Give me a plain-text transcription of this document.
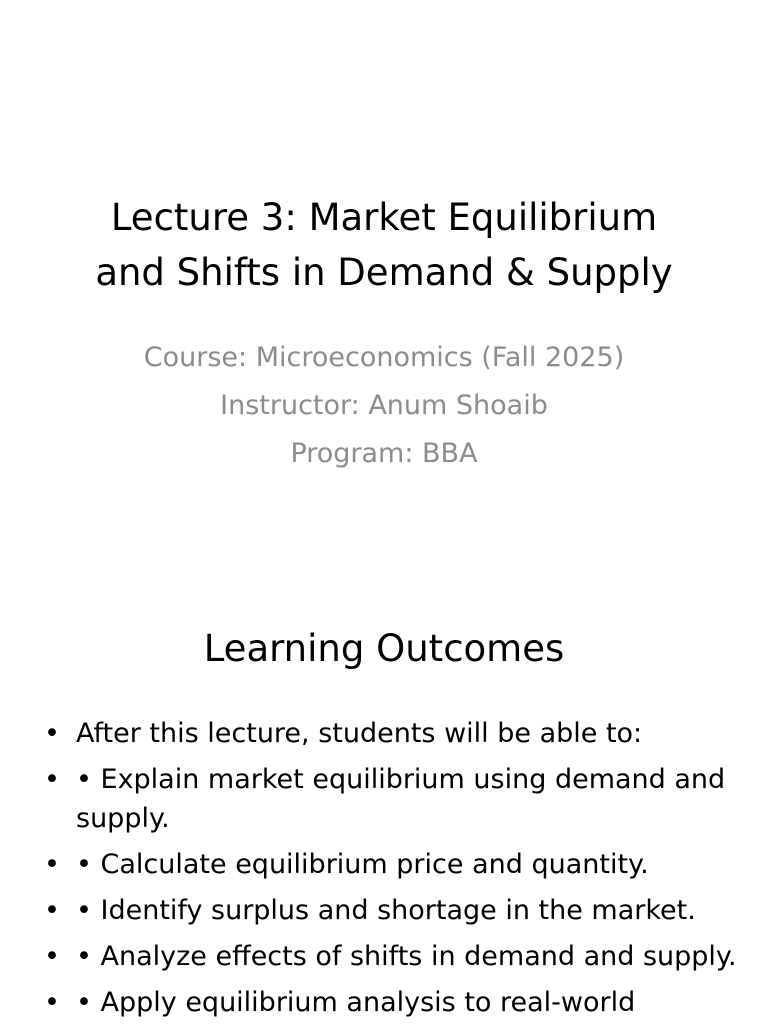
Lecture 3: Market Equilibrium
and Shifts in Demand & Supply
Course: Microeconomics (Fall 2025)
Instructor: Anum Shoaib
Program: BBA
Learning Outcomes
• After this lecture, students will be able to:
• • Explain market equilibrium using demand and supply.
• • Calculate equilibrium price and quantity.
• • Identify surplus and shortage in the market.
• • Analyze effects of shifts in demand and supply.
• • Apply equilibrium analysis to real-world
